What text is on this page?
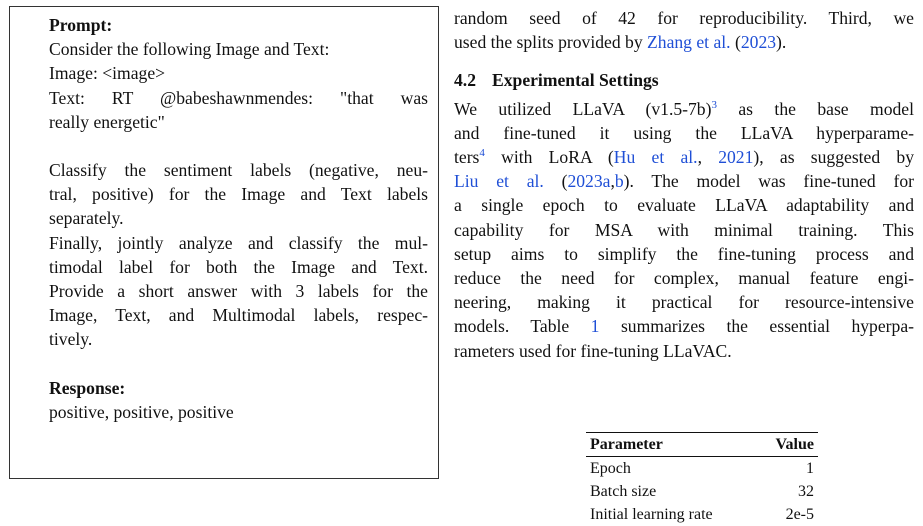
Prompt:
Consider the following Image and Text:
Image: <image>
Text: RT @babeshawnmendes: "that was
really energetic"
Classify the sentiment labels (negative, neu-
tral, positive) for the Image and Text labels
separately.
Finally, jointly analyze and classify the mul-
timodal label for both the Image and Text.
Provide a short answer with 3 labels for the
Image, Text, and Multimodal labels, respec-
tively.
Response:
positive, positive, positive
random seed of 42 for reproducibility. Third, we
used the splits provided by Zhang et al. (2023).
4.2 Experimental Settings
We utilized LLaVA $(v1.5-7b)^3$ as the base model
and fine-tuned it using the LLaVA hyperparame-
ters$^4$ with LoRA (Hu et al., 2021), as suggested by
Liu et al. (2023a,b). The model was fine-tuned for
a single epoch to evaluate LLaVA adaptability and
capability for MSA with minimal training. This
setup aims to simplify the fine-tuning process and
reduce the need for complex, manual feature engi-
neering, making it practical for resource-intensive
models. Table 1 summarizes the essential hyperpa-
rameters used for fine-tuning LLaVAC.
Parameter	Value
Epoch	1
Batch size	32
Initial learning rate	2e-5
